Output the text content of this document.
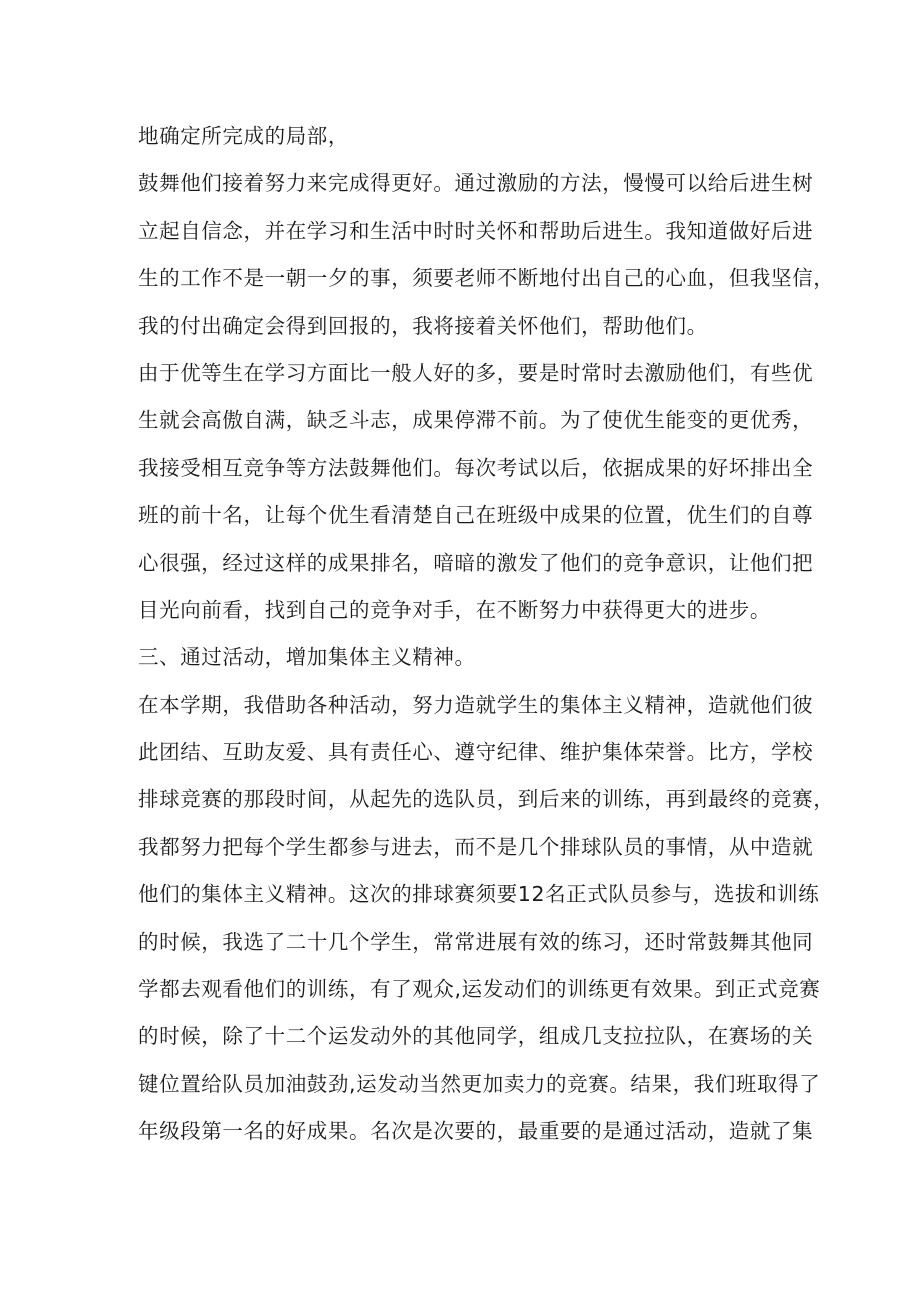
地确定所完成的局部，
鼓舞他们接着努力来完成得更好。通过激励的方法，慢慢可以给后进生树
立起自信念，并在学习和生活中时时关怀和帮助后进生。我知道做好后进
生的工作不是一朝一夕的事，须要老师不断地付出自己的心血，但我坚信，
我的付出确定会得到回报的，我将接着关怀他们，帮助他们。
由于优等生在学习方面比一般人好的多，要是时常时去激励他们，有些优
生就会高傲自满，缺乏斗志，成果停滞不前。为了使优生能变的更优秀，
我接受相互竞争等方法鼓舞他们。每次考试以后，依据成果的好坏排出全
班的前十名，让每个优生看清楚自己在班级中成果的位置，优生们的自尊
心很强，经过这样的成果排名，喑暗的激发了他们的竞争意识，让他们把
目光向前看，找到自己的竞争对手，在不断努力中获得更大的进步。
三、通过活动，增加集体主义精神。
在本学期，我借助各种活动，努力造就学生的集体主义精神，造就他们彼
此团结、互助友爱、具有责任心、遵守纪律、维护集体荣誉。比方，学校
排球竞赛的那段时间，从起先的选队员，到后来的训练，再到最终的竞赛，
我都努力把每个学生都参与进去，而不是几个排球队员的事情，从中造就
他们的集体主义精神。这次的排球赛须要12名正式队员参与，选拔和训练
的时候，我选了二十几个学生，常常进展有效的练习，还时常鼓舞其他同
学都去观看他们的训练，有了观众,运发动们的训练更有效果。到正式竞赛
的时候，除了十二个运发动外的其他同学，组成几支拉拉队，在赛场的关
键位置给队员加油鼓劲,运发动当然更加卖力的竞赛。结果，我们班取得了
年级段第一名的好成果。名次是次要的，最重要的是通过活动，造就了集
